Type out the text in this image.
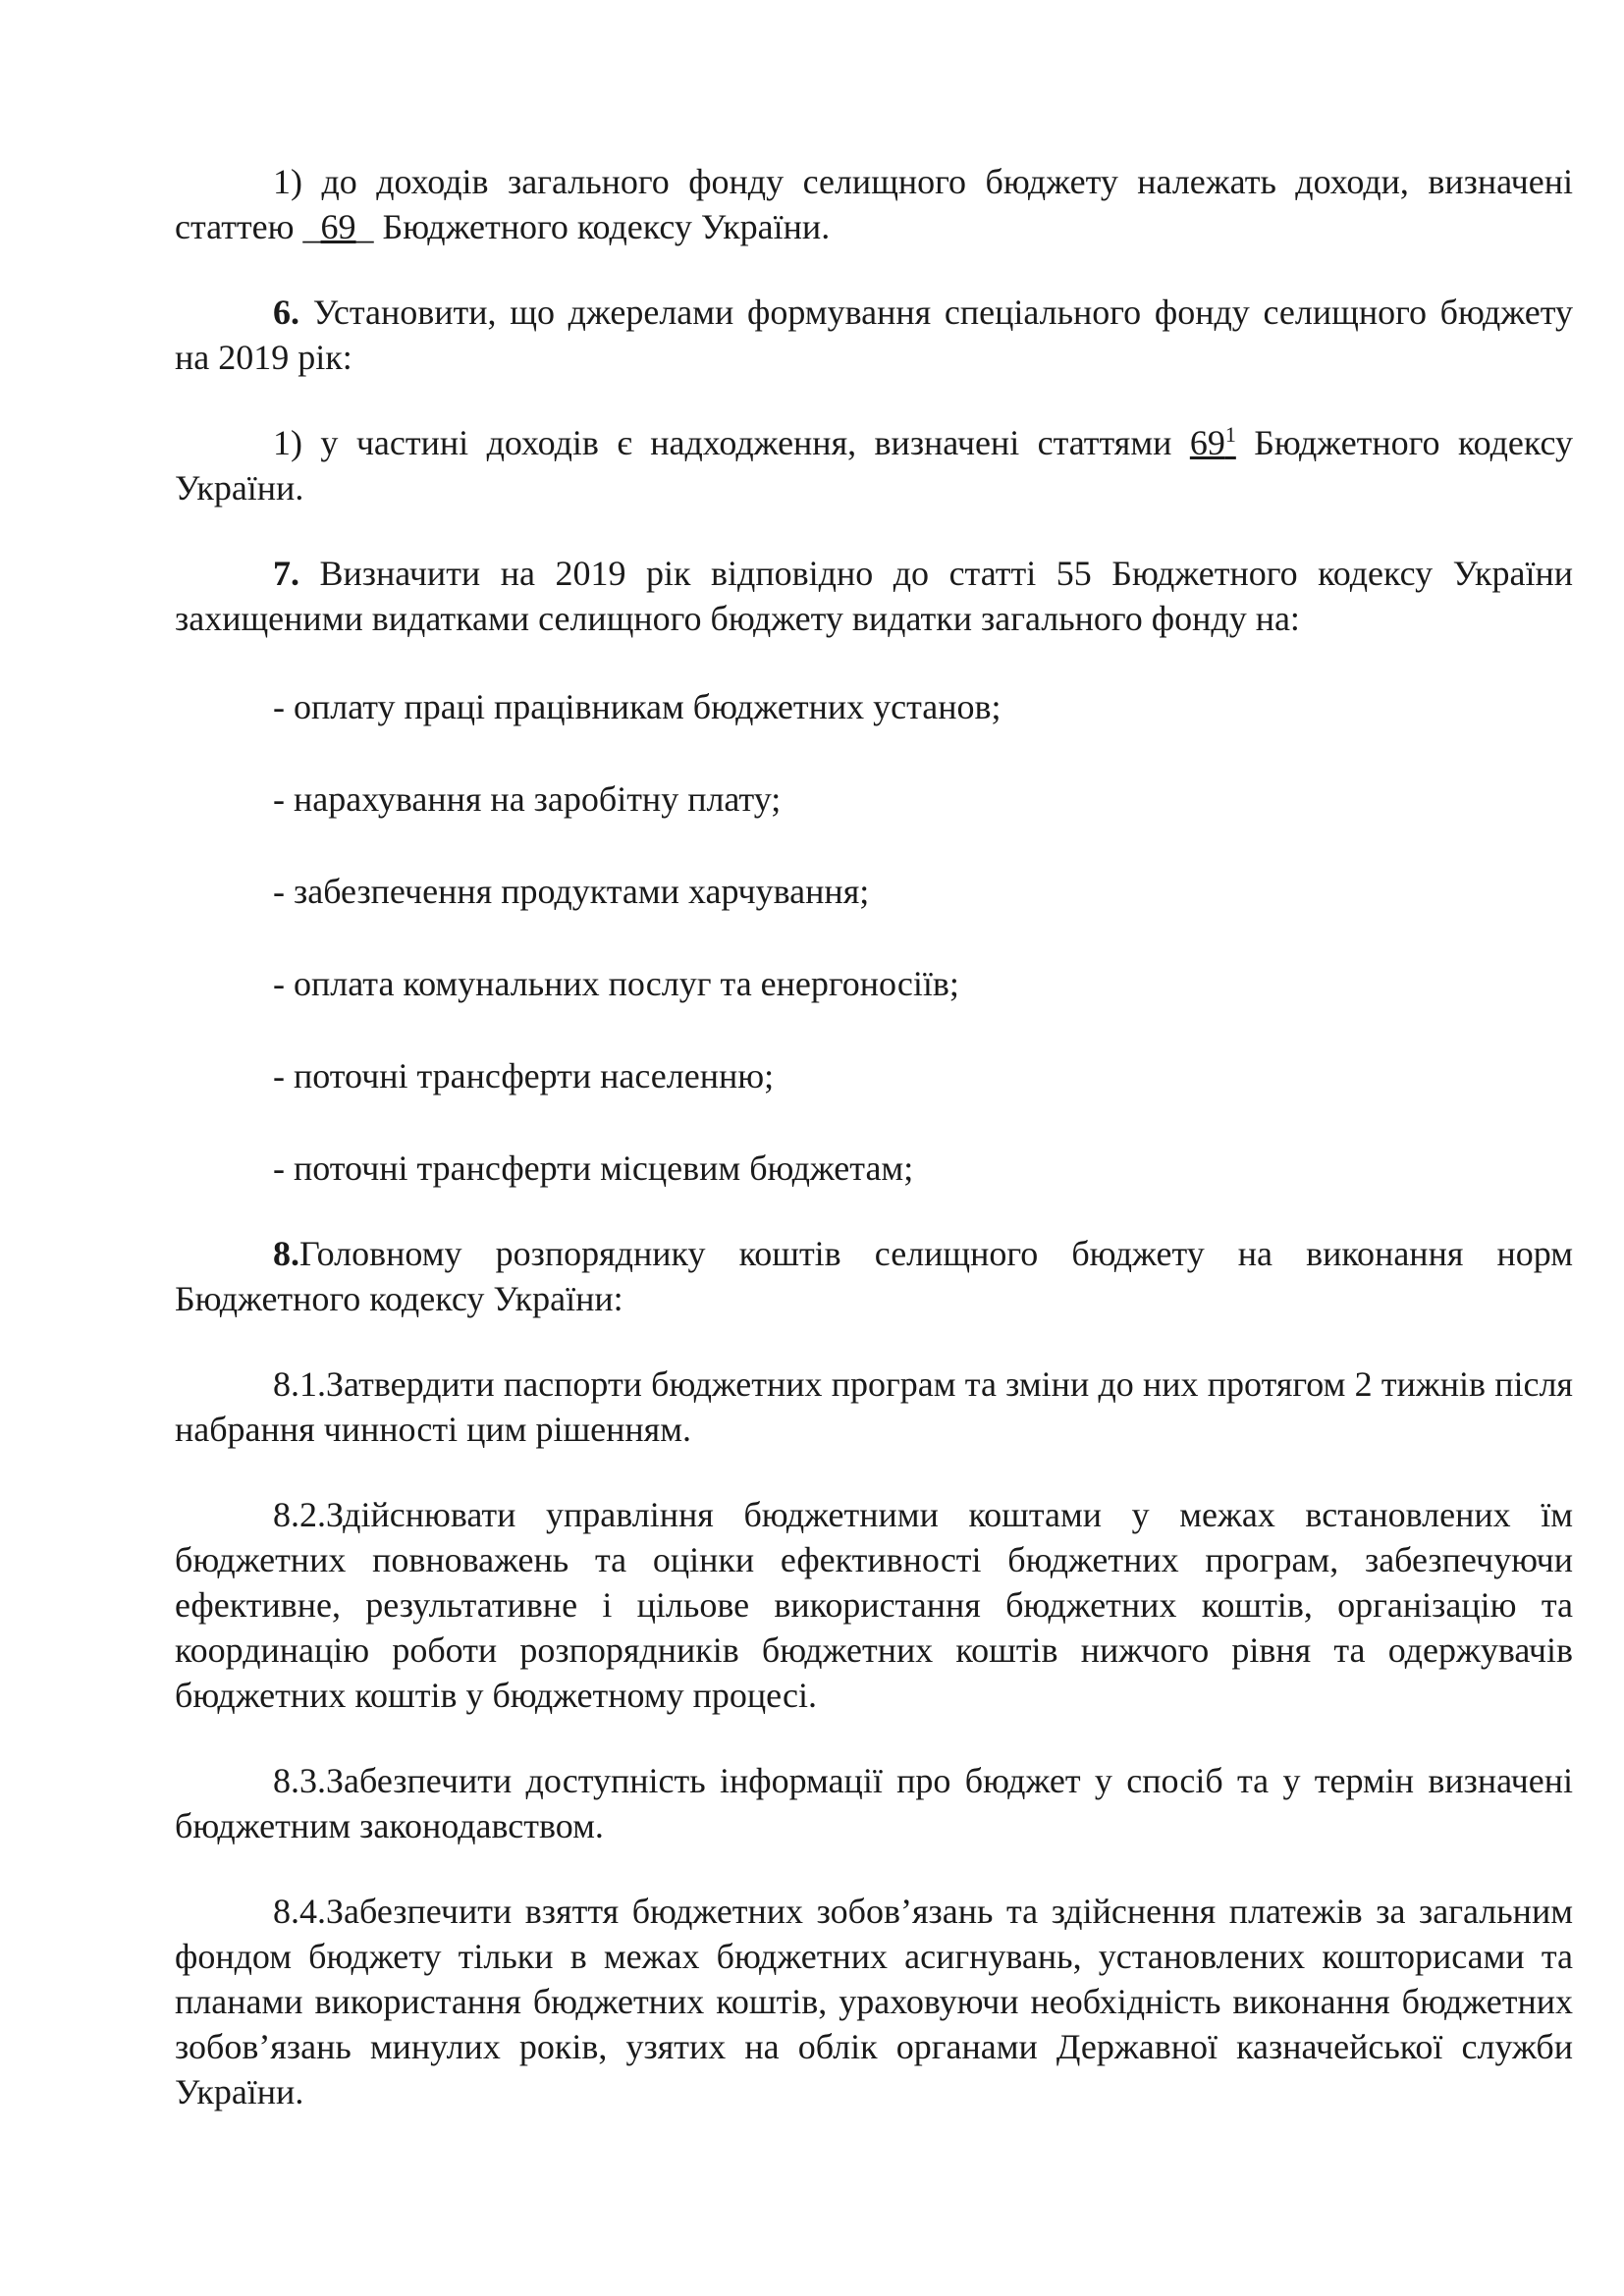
1) до доходів загального фонду селищного бюджету належать доходи, визначені статтею _69_ Бюджетного кодексу України.

6. Установити, що джерелами формування спеціального фонду селищного бюджету на 2019 рік:

1) у частині доходів є надходження, визначені статтями $69^1$ Бюджетного кодексу України.

7. Визначити на 2019 рік відповідно до статті 55 Бюджетного кодексу України захищеними видатками селищного бюджету видатки загального фонду на:

- оплату праці працівникам бюджетних установ;

- нарахування на заробітну плату;

- забезпечення продуктами харчування;

- оплата комунальних послуг та енергоносіїв;

- поточні трансферти населенню;

- поточні трансферти місцевим бюджетам;

8.Головному розпоряднику коштів селищного бюджету на виконання норм Бюджетного кодексу України:

8.1.Затвердити паспорти бюджетних програм та зміни до них протягом 2 тижнів після набрання чинності цим рішенням.

8.2.Здійснювати управління бюджетними коштами у межах встановлених їм бюджетних повноважень та оцінки ефективності бюджетних програм, забезпечуючи ефективне, результативне і цільове використання бюджетних коштів, організацію та координацію роботи розпорядників бюджетних коштів нижчого рівня та одержувачів бюджетних коштів у бюджетному процесі.

8.3.Забезпечити доступність інформації про бюджет у спосіб та у термін визначені бюджетним законодавством.

8.4.Забезпечити взяття бюджетних зобов’язань та здійснення платежів за загальним фондом бюджету тільки в межах бюджетних асигнувань, установлених кошторисами та планами використання бюджетних коштів, ураховуючи необхідність виконання бюджетних зобов’язань минулих років, узятих на облік органами Державної казначейської служби України.
